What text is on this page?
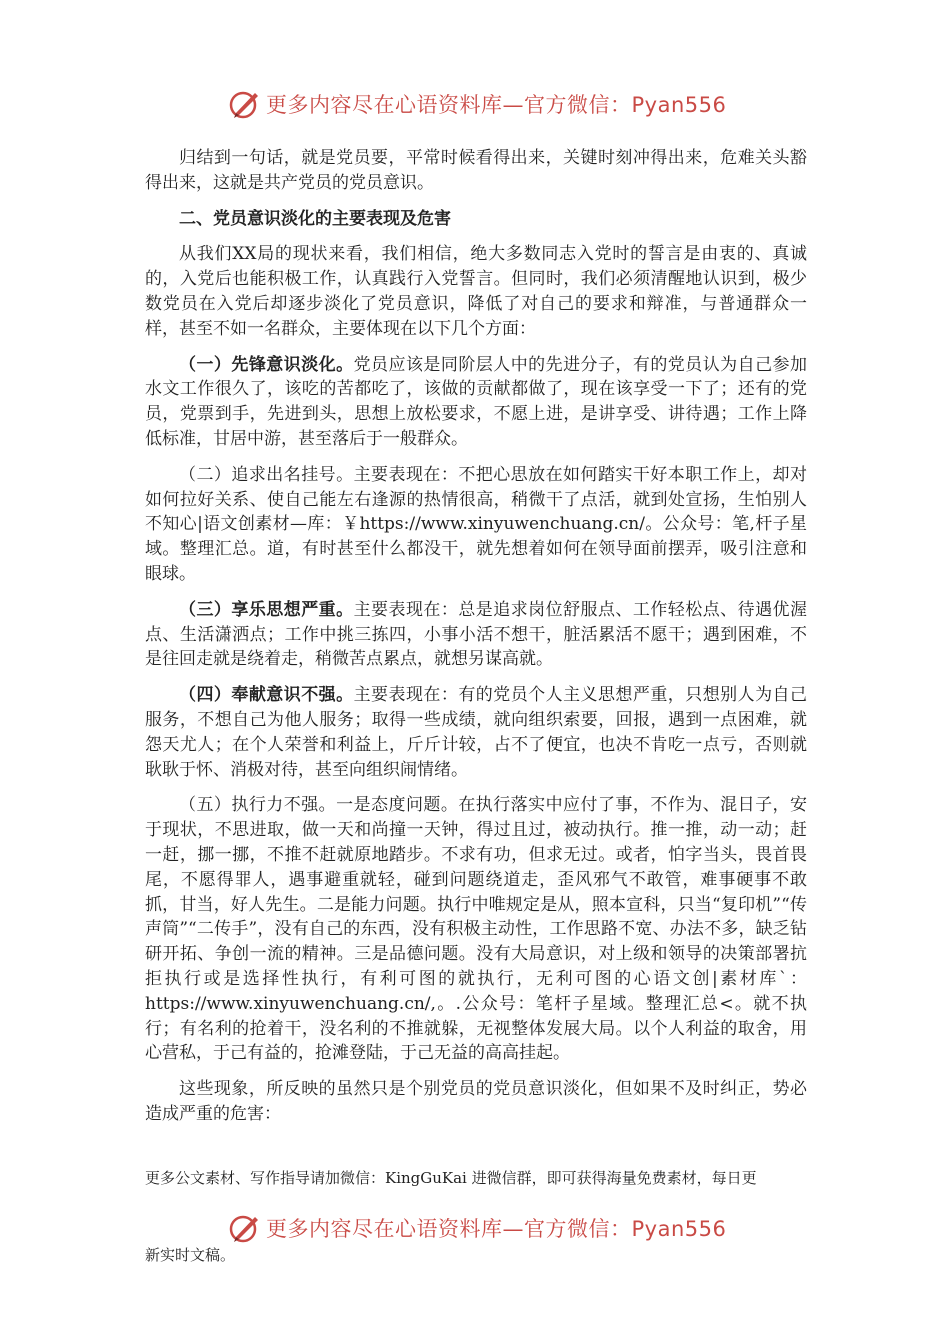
更多内容尽在心语资料库—官方微信：Pyan556

归结到一句话，就是党员要，平常时候看得出来，关键时刻冲得出来，危难关头豁得出来，这就是共产党员的党员意识。

二、党员意识淡化的主要表现及危害

从我们XX局的现状来看，我们相信，绝大多数同志入党时的誓言是由衷的、真诚的，入党后也能积极工作，认真践行入党誓言。但同时，我们必须清醒地认识到，极少数党员在入党后却逐步淡化了党员意识，降低了对自己的要求和辩准，与普通群众一样，甚至不如一名群众，主要体现在以下几个方面：

（一）先锋意识淡化。党员应该是同阶层人中的先进分子，有的党员认为自己参加水文工作很久了，该吃的苦都吃了，该做的贡献都做了，现在该享受一下了；还有的党员，党票到手，先进到头，思想上放松要求，不愿上进，是讲享受、讲待遇；工作上降低标准，甘居中游，甚至落后于一般群众。

（二）追求出名挂号。主要表现在：不把心思放在如何踏实干好本职工作上，却对如何拉好关系、使自己能左右逢源的热情很高，稍微干了点活，就到处宣扬，生怕别人不知心|语文创素材—库：￥https://www.xinyuwenchuang.cn/。公众号：笔,杆子星域。整理汇总。道，有时甚至什么都没干，就先想着如何在领导面前摆弄，吸引注意和眼球。

（三）享乐思想严重。主要表现在：总是追求岗位舒服点、工作轻松点、待遇优渥点、生活潇洒点；工作中挑三拣四，小事小活不想干，脏活累活不愿干；遇到困难，不是往回走就是绕着走，稍微苦点累点，就想另谋高就。

（四）奉献意识不强。主要表现在：有的党员个人主义思想严重，只想别人为自己服务，不想自己为他人服务；取得一些成绩，就向组织索要，回报，遇到一点困难，就怨天尤人；在个人荣誉和利益上，斤斤计较，占不了便宜，也决不肯吃一点亏，否则就耿耿于怀、消极对待，甚至向组织闹情绪。

（五）执行力不强。一是态度问题。在执行落实中应付了事，不作为、混日子，安于现状，不思进取，做一天和尚撞一天钟，得过且过，被动执行。推一推，动一动；赶一赶，挪一挪，不推不赶就原地踏步。不求有功，但求无过。或者，怕字当头，畏首畏尾，不愿得罪人，遇事避重就轻，碰到问题绕道走，歪风邪气不敢管，难事硬事不敢抓，甘当，好人先生。二是能力问题。执行中唯规定是从，照本宣科，只当“复印机”“传声筒”“二传手”，没有自己的东西，没有积极主动性，工作思路不宽、办法不多，缺乏钻研开拓、争创一流的精神。三是品德问题。没有大局意识，对上级和领导的决策部署抗拒执行或是选择性执行，有利可图的就执行，无利可图的心语文创|素材库`：https://www.xinyuwenchuang.cn/,。.公众号：笔杆子星域。整理汇总<。就不执行；有名利的抢着干，没名利的不推就躲，无视整体发展大局。以个人利益的取舍，用心营私，于己有益的，抢滩登陆，于己无益的高高挂起。

这些现象，所反映的虽然只是个别党员的党员意识淡化，但如果不及时纠正，势必造成严重的危害：

更多公文素材、写作指导请加微信：KingGuKai 进微信群，即可获得海量免费素材，每日更

更多内容尽在心语资料库—官方微信：Pyan556

新实时文稿。
